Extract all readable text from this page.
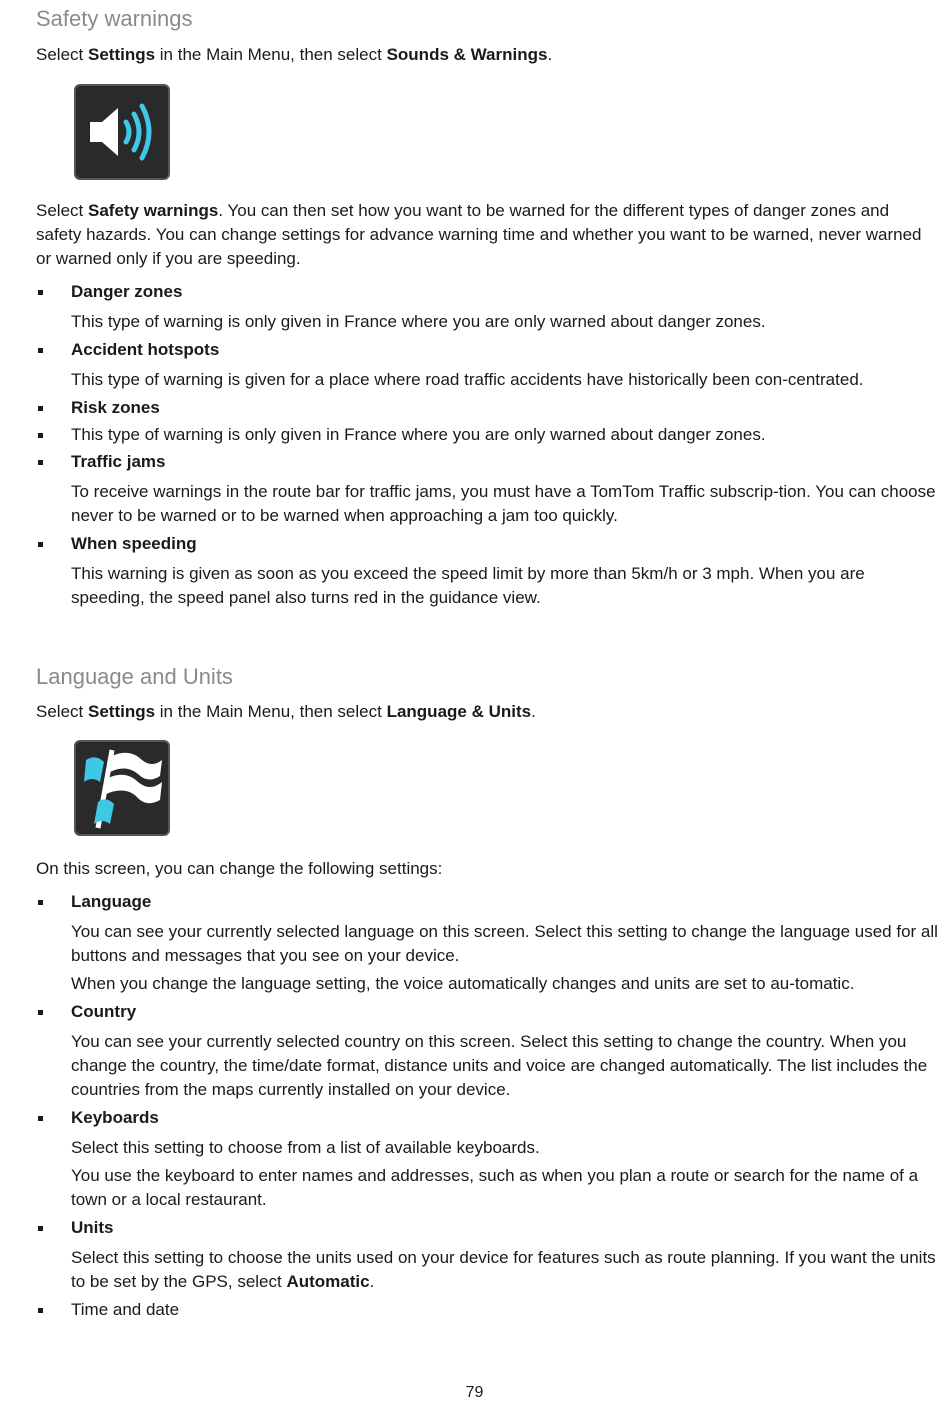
Safety warnings
Select Settings in the Main Menu, then select Sounds & Warnings.
Select Safety warnings. You can then set how you want to be warned for the different types of danger zones and safety hazards. You can change settings for advance warning time and whether you want to be warned, never warned or warned only if you are speeding.
Danger zones
This type of warning is only given in France where you are only warned about danger zones.
Accident hotspots
This type of warning is given for a place where road traffic accidents have historically been con-centrated.
Risk zones
This type of warning is only given in France where you are only warned about danger zones.
Traffic jams
To receive warnings in the route bar for traffic jams, you must have a TomTom Traffic subscrip-tion. You can choose never to be warned or to be warned when approaching a jam too quickly.
When speeding
This warning is given as soon as you exceed the speed limit by more than 5km/h or 3 mph. When you are speeding, the speed panel also turns red in the guidance view.
Language and Units
Select Settings in the Main Menu, then select Language & Units.
On this screen, you can change the following settings:
Language
You can see your currently selected language on this screen. Select this setting to change the language used for all buttons and messages that you see on your device.
When you change the language setting, the voice automatically changes and units are set to au-tomatic.
Country
You can see your currently selected country on this screen. Select this setting to change the country. When you change the country, the time/date format, distance units and voice are changed automatically. The list includes the countries from the maps currently installed on your device.
Keyboards
Select this setting to choose from a list of available keyboards.
You use the keyboard to enter names and addresses, such as when you plan a route or search for the name of a town or a local restaurant.
Units
Select this setting to choose the units used on your device for features such as route planning. If you want the units to be set by the GPS, select Automatic.
Time and date
79
